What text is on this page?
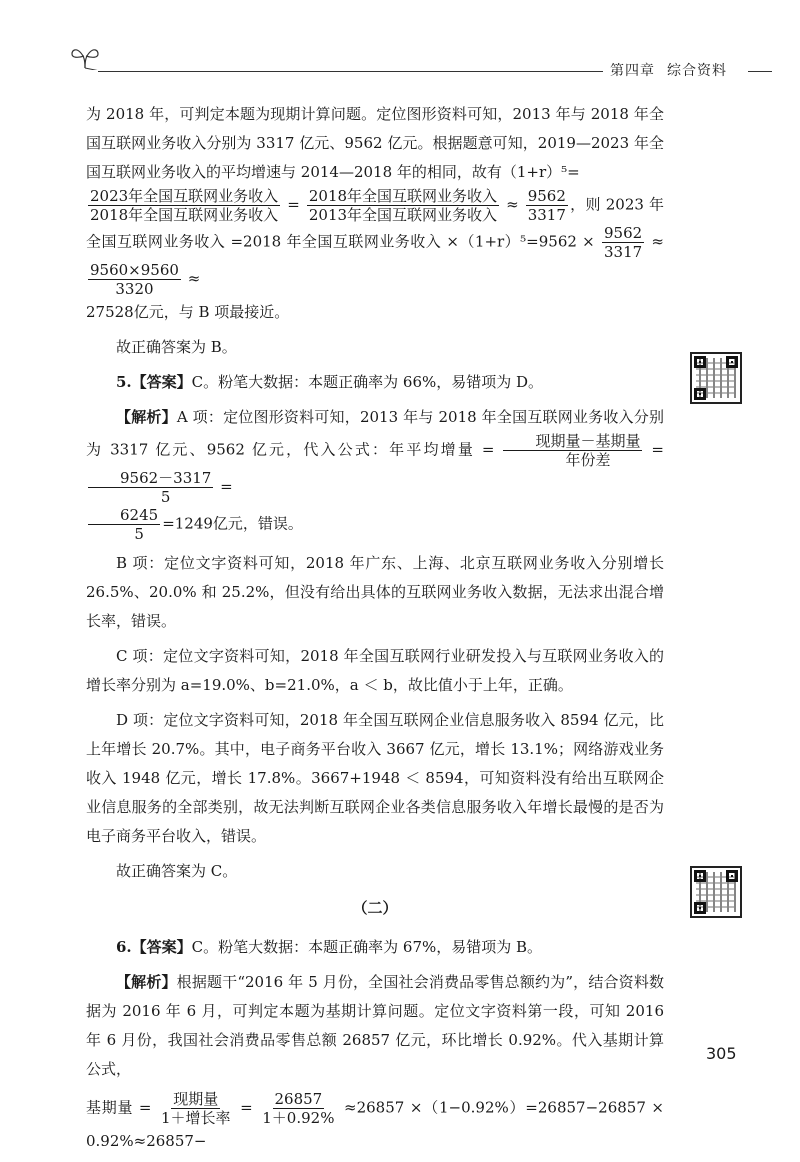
第四章 综合资料

为 2018 年，可判定本题为现期计算问题。定位图形资料可知，2013 年与 2018 年全国互联网业务收入分别为 3317 亿元、9562 亿元。根据题意可知，2019—2023 年全国互联网业务收入的平均增速与 2014—2018 年的相同，故有（1+r）⁵=

$\frac{\text{2023年全国互联网业务收入}}{\text{2018年全国互联网业务收入}} = \frac{\text{2018年全国互联网业务收入}}{\text{2013年全国互联网业务收入}} \approx \frac{9562}{3317}$ ，则 2023 年全国互联网业务收入 =2018 年全国互联网业务收入 $\times(1+r)^5=9562 \times \frac{9562}{3317}$ ≈
$\frac{9560\times 9560}{3320}$ ≈
27528亿元，与 B 项最接近。

故正确答案为 B。

5.【答案】C。粉笔大数据：本题正确率为 66%，易错项为 D。

【解析】A 项：定位图形资料可知，2013 年与 2018 年全国互联网业务收入分别为 3317 亿元、9562 亿元，代入公式：年平均增量 = $\frac{\text{现期量－基期量}}{\text{年份差}}$ =
$\frac{9562-3317}{5}$ =

$\frac{6245}{5} =1249$亿元，错误。

B 项：定位文字资料可知，2018 年广东、上海、北京互联网业务收入分别增长 26.5%、20.0% 和 25.2%，但没有给出具体的互联网业务收入数据，无法求出混合增长率，错误。

C 项：定位文字资料可知，2018 年全国互联网行业研发投入与互联网业务收入的增长率分别为 a=19.0%、b=21.0%，a ＜ b，故比值小于上年，正确。

D 项：定位文字资料可知，2018 年全国互联网企业信息服务收入 8594 亿元，比上年增长 20.7%。其中，电子商务平台收入 3667 亿元，增长 13.1%；网络游戏业务收入 1948 亿元，增长 17.8%。3667+1948 ＜ 8594，可知资料没有给出互联网企业信息服务的全部类别，故无法判断互联网企业各类信息服务收入年增长最慢的是否为电子商务平台收入，错误。

故正确答案为 C。

（二）

6.【答案】C。粉笔大数据：本题正确率为 67%，易错项为 B。

【解析】根据题干“2016 年 5 月份，全国社会消费品零售总额约为”，结合资料数据为 2016 年 6 月，可判定本题为基期计算问题。定位文字资料第一段，可知 2016 年 6 月份，我国社会消费品零售总额 26857 亿元，环比增长 0.92%。代入基期计算公式，

基期量 = $\frac{\text{现期量}}{\text{1＋增长率}} = \frac{26857}{1+0.92\%} \approx 26857 \times(1-0.92\%)=26857-26857 \times 0.92\%\approx 26857-$

305
